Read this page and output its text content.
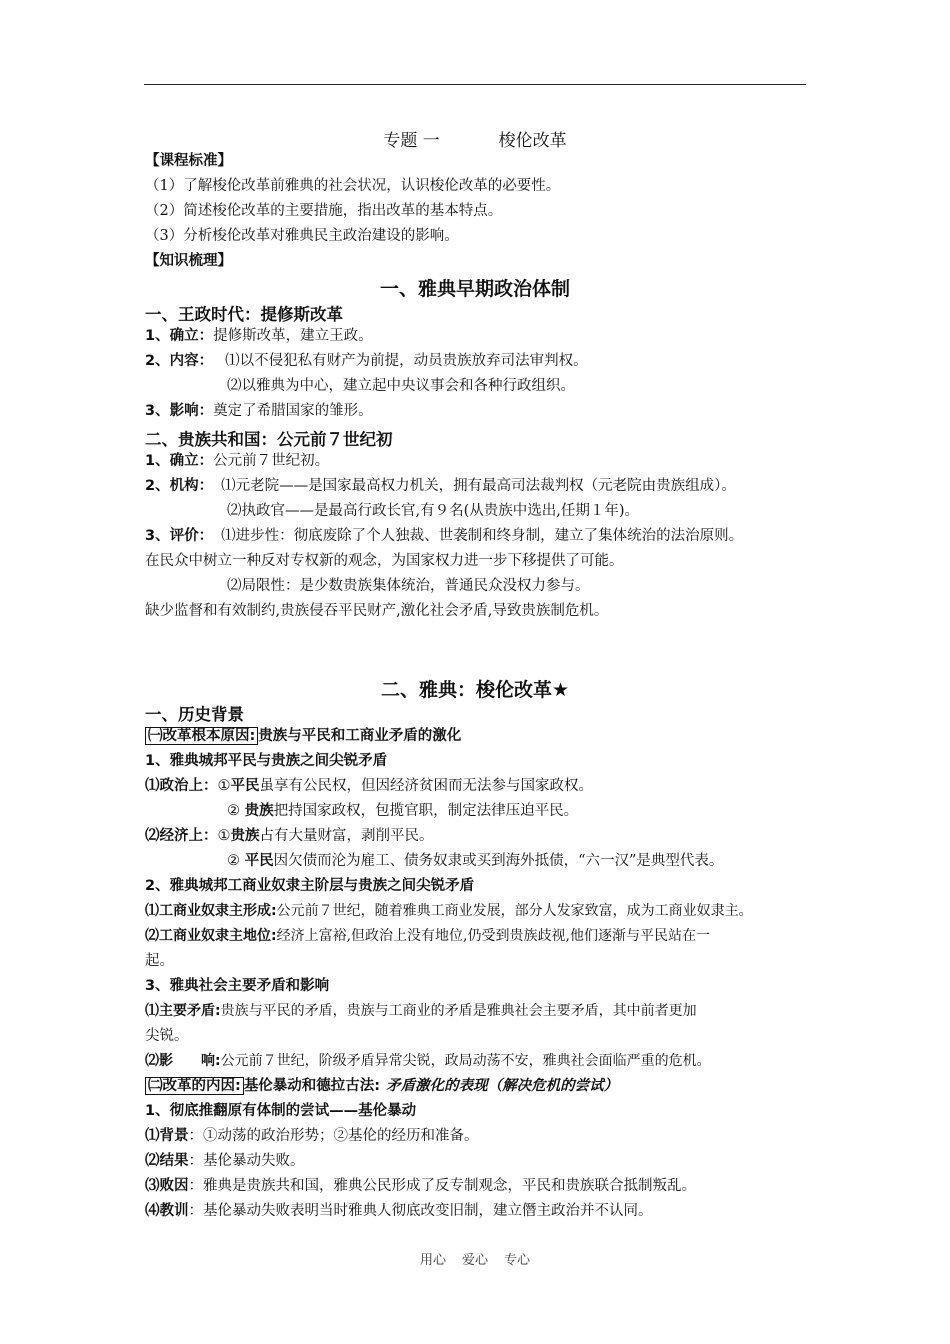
专题 一	梭伦改革
【课程标准】
（1）了解梭伦改革前雅典的社会状况，认识梭伦改革的必要性。
（2）简述梭伦改革的主要措施，指出改革的基本特点。
（3）分析梭伦改革对雅典民主政治建设的影响。
【知识梳理】
一、雅典早期政治体制
一、王政时代：提修斯改革
1、确立：提修斯改革，建立王政。
2、内容： ⑴以不侵犯私有财产为前提，动员贵族放弃司法审判权。
⑵以雅典为中心，建立起中央议事会和各种行政组织。
3、影响：奠定了希腊国家的雏形。
二、贵族共和国：公元前７世纪初
1、确立：公元前７世纪初。
2、机构： ⑴元老院——是国家最高权力机关，拥有最高司法裁判权（元老院由贵族组成）。
⑵执政官——是最高行政长官,有９名(从贵族中选出,任期１年)。
3、评价： ⑴进步性：彻底废除了个人独裁、世袭制和终身制，建立了集体统治的法治原则。
在民众中树立一种反对专权新的观念，为国家权力进一步下移提供了可能。
⑵局限性：是少数贵族集体统治，普通民众没权力参与。
缺少监督和有效制约,贵族侵吞平民财产,激化社会矛盾,导致贵族制危机。
二、雅典：梭伦改革★
一、历史背景
㈠改革根本原因: 贵族与平民和工商业矛盾的激化
1、雅典城邦平民与贵族之间尖锐矛盾
⑴政治上：①平民虽享有公民权，但因经济贫困而无法参与国家政权。
② 贵族把持国家政权，包揽官职，制定法律压迫平民。
⑵经济上：①贵族占有大量财富，剥削平民。
② 平民因欠债而沦为雇工、债务奴隶或买到海外抵债，“六一汉”是典型代表。
2、雅典城邦工商业奴隶主阶层与贵族之间尖锐矛盾
⑴工商业奴隶主形成:公元前７世纪，随着雅典工商业发展，部分人发家致富，成为工商业奴隶主。
⑵工商业奴隶主地位:经济上富裕,但政治上没有地位,仍受到贵族歧视,他们逐渐与平民站在一
起。
3、雅典社会主要矛盾和影响
⑴主要矛盾:贵族与平民的矛盾，贵族与工商业的矛盾是雅典社会主要矛盾，其中前者更加
尖锐。
⑵影　　响:公元前７世纪，阶级矛盾异常尖锐，政局动荡不安，雅典社会面临严重的危机。
㈡改革的内因: 基伦暴动和德拉古法: 矛盾激化的表现（解决危机的尝试）
1、彻底推翻原有体制的尝试——基伦暴动
⑴背景：①动荡的政治形势；②基伦的经历和准备。
⑵结果：基伦暴动失败。
⑶败因：雅典是贵族共和国，雅典公民形成了反专制观念，平民和贵族联合抵制叛乱。
⑷教训：基伦暴动失败表明当时雅典人彻底改变旧制，建立僭主政治并不认同。
用心 爱心 专心
